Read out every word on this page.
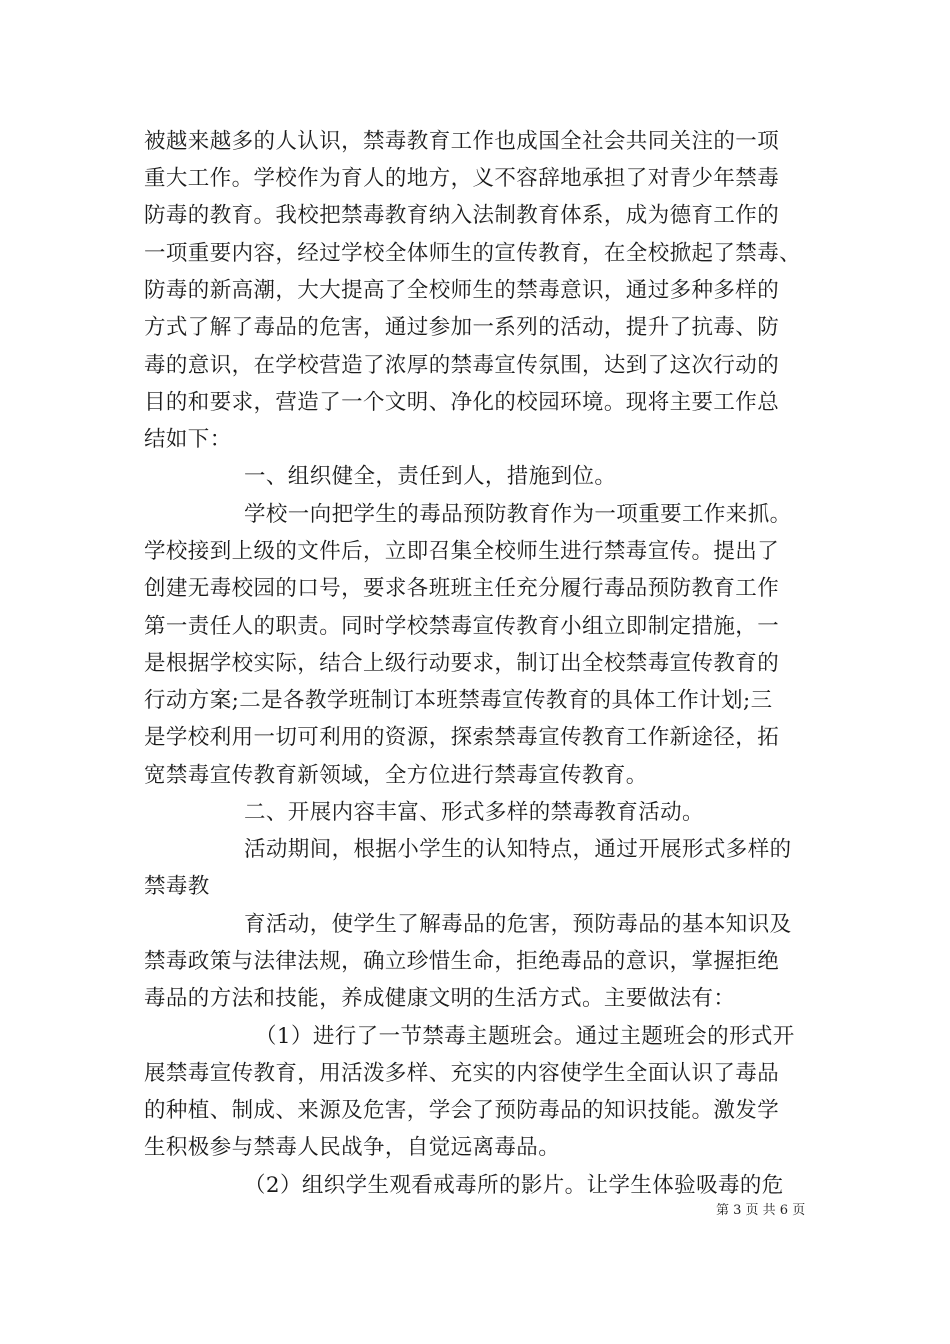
被越来越多的人认识，禁毒教育工作也成国全社会共同关注的一项
重大工作。学校作为育人的地方，义不容辞地承担了对青少年禁毒
防毒的教育。我校把禁毒教育纳入法制教育体系，成为德育工作的
一项重要内容，经过学校全体师生的宣传教育，在全校掀起了禁毒、
防毒的新高潮，大大提高了全校师生的禁毒意识，通过多种多样的
方式了解了毒品的危害，通过参加一系列的活动，提升了抗毒、防
毒的意识，在学校营造了浓厚的禁毒宣传氛围，达到了这次行动的
目的和要求，营造了一个文明、净化的校园环境。现将主要工作总
结如下：
一、组织健全，责任到人，措施到位。
学校一向把学生的毒品预防教育作为一项重要工作来抓。
学校接到上级的文件后，立即召集全校师生进行禁毒宣传。提出了
创建无毒校园的口号，要求各班班主任充分履行毒品预防教育工作
第一责任人的职责。同时学校禁毒宣传教育小组立即制定措施，一
是根据学校实际，结合上级行动要求，制订出全校禁毒宣传教育的
行动方案;二是各教学班制订本班禁毒宣传教育的具体工作计划;三
是学校利用一切可利用的资源，探索禁毒宣传教育工作新途径，拓
宽禁毒宣传教育新领域，全方位进行禁毒宣传教育。
二、开展内容丰富、形式多样的禁毒教育活动。
活动期间，根据小学生的认知特点，通过开展形式多样的
禁毒教
育活动，使学生了解毒品的危害，预防毒品的基本知识及
禁毒政策与法律法规，确立珍惜生命，拒绝毒品的意识，掌握拒绝
毒品的方法和技能，养成健康文明的生活方式。主要做法有：
（1）进行了一节禁毒主题班会。通过主题班会的形式开
展禁毒宣传教育，用活泼多样、充实的内容使学生全面认识了毒品
的种植、制成、来源及危害，学会了预防毒品的知识技能。激发学
生积极参与禁毒人民战争，自觉远离毒品。
（2）组织学生观看戒毒所的影片。让学生体验吸毒的危
第 3 页 共 6 页
